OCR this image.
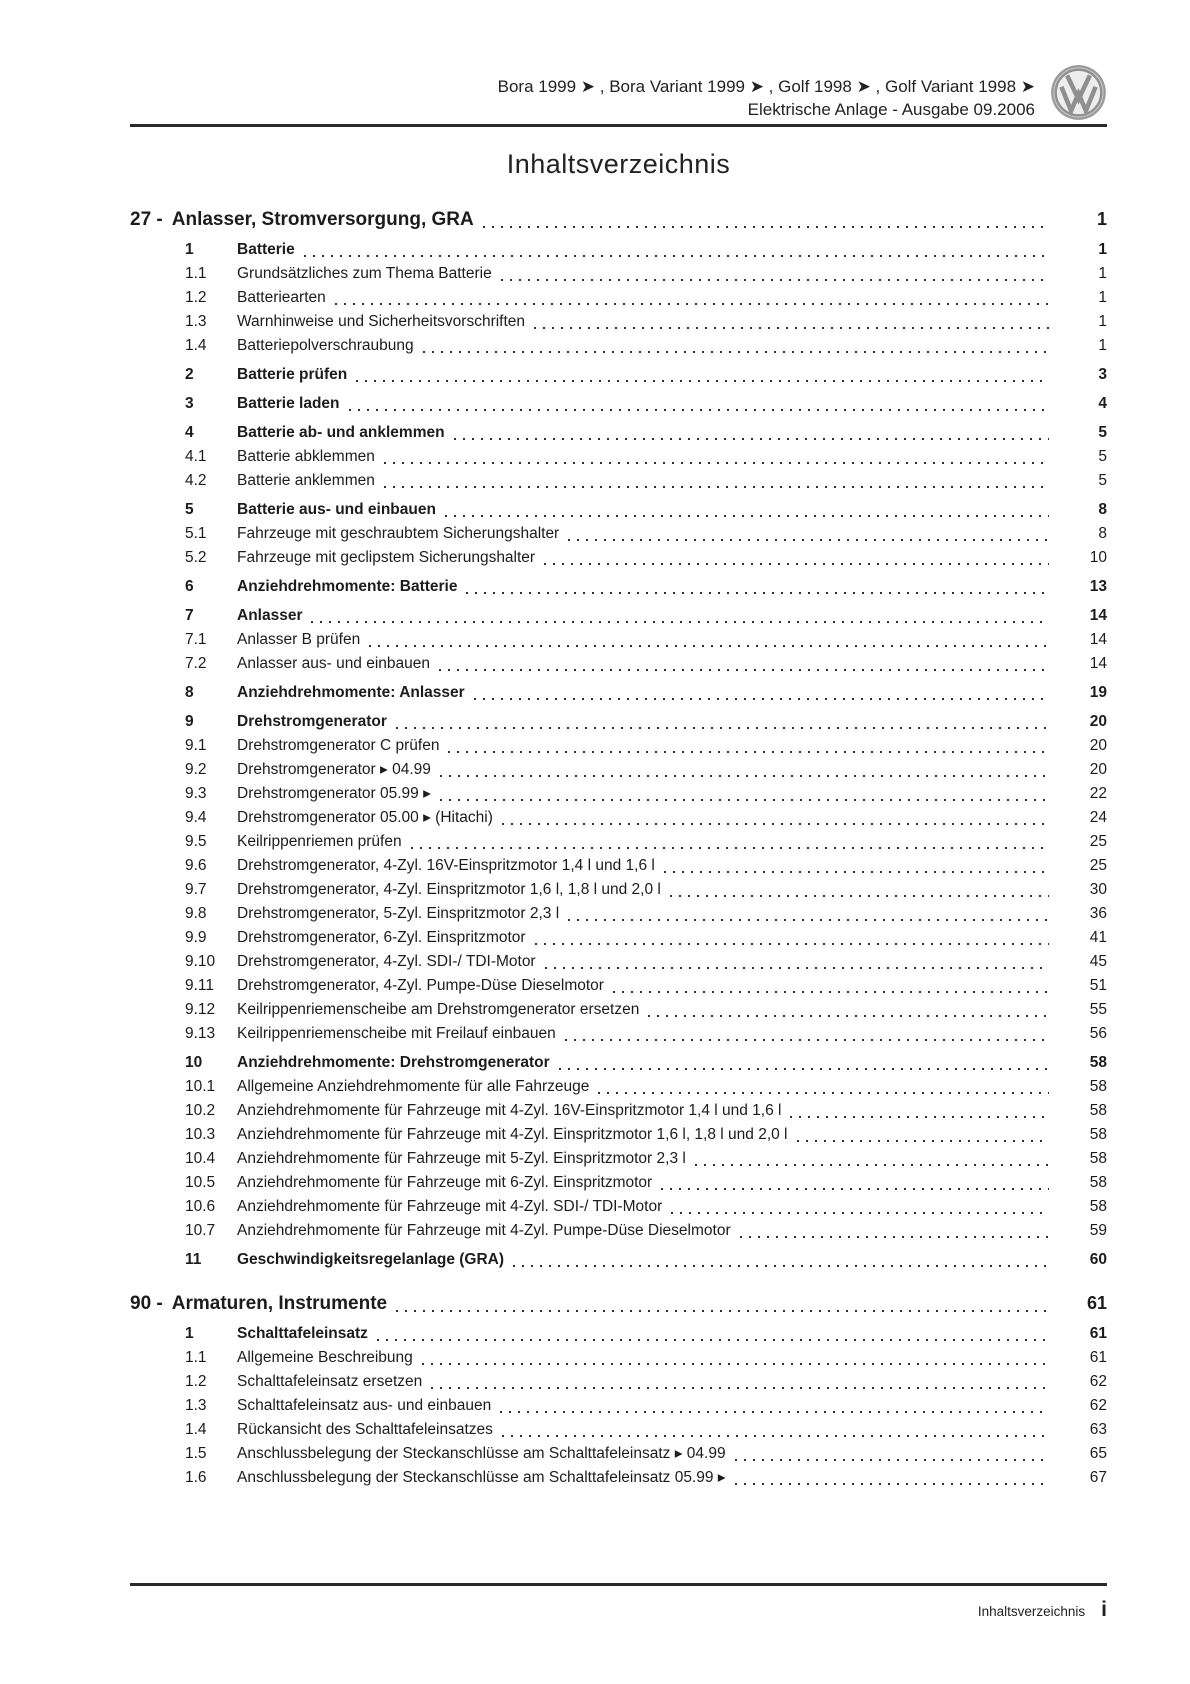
Bora 1999 ➤ , Bora Variant 1999 ➤ , Golf 1998 ➤ , Golf Variant 1998 ➤
Elektrische Anlage - Ausgabe 09.2006
Inhaltsverzeichnis
27 - Anlasser, Stromversorgung, GRA	1
1	Batterie	1
1.1	Grundsätzliches zum Thema Batterie	1
1.2	Batteriearten	1
1.3	Warnhinweise und Sicherheitsvorschriften	1
1.4	Batteriepolverschraubung	1
2	Batterie prüfen	3
3	Batterie laden	4
4	Batterie ab- und anklemmen	5
4.1	Batterie abklemmen	5
4.2	Batterie anklemmen	5
5	Batterie aus- und einbauen	8
5.1	Fahrzeuge mit geschraubtem Sicherungshalter	8
5.2	Fahrzeuge mit geclipstem Sicherungshalter	10
6	Anziehdrehmomente: Batterie	13
7	Anlasser	14
7.1	Anlasser B prüfen	14
7.2	Anlasser aus- und einbauen	14
8	Anziehdrehmomente: Anlasser	19
9	Drehstromgenerator	20
9.1	Drehstromgenerator C prüfen	20
9.2	Drehstromgenerator ▸ 04.99	20
9.3	Drehstromgenerator 05.99 ▸	22
9.4	Drehstromgenerator 05.00 ▸ (Hitachi)	24
9.5	Keilrippenriemen prüfen	25
9.6	Drehstromgenerator, 4-Zyl. 16V-Einspritzmotor 1,4 l und 1,6 l	25
9.7	Drehstromgenerator, 4-Zyl. Einspritzmotor 1,6 l, 1,8 l und 2,0 l	30
9.8	Drehstromgenerator, 5-Zyl. Einspritzmotor 2,3 l	36
9.9	Drehstromgenerator, 6-Zyl. Einspritzmotor	41
9.10	Drehstromgenerator, 4-Zyl. SDI-/ TDI-Motor	45
9.11	Drehstromgenerator, 4-Zyl. Pumpe-Düse Dieselmotor	51
9.12	Keilrippenriemenscheibe am Drehstromgenerator ersetzen	55
9.13	Keilrippenriemenscheibe mit Freilauf einbauen	56
10	Anziehdrehmomente: Drehstromgenerator	58
10.1	Allgemeine Anziehdrehmomente für alle Fahrzeuge	58
10.2	Anziehdrehmomente für Fahrzeuge mit 4-Zyl. 16V-Einspritzmotor 1,4 l und 1,6 l	58
10.3	Anziehdrehmomente für Fahrzeuge mit 4-Zyl. Einspritzmotor 1,6 l, 1,8 l und 2,0 l	58
10.4	Anziehdrehmomente für Fahrzeuge mit 5-Zyl. Einspritzmotor 2,3 l	58
10.5	Anziehdrehmomente für Fahrzeuge mit 6-Zyl. Einspritzmotor	58
10.6	Anziehdrehmomente für Fahrzeuge mit 4-Zyl. SDI-/ TDI-Motor	58
10.7	Anziehdrehmomente für Fahrzeuge mit 4-Zyl. Pumpe-Düse Dieselmotor	59
11	Geschwindigkeitsregelanlage (GRA)	60
90 - Armaturen, Instrumente	61
1	Schalttafeleinsatz	61
1.1	Allgemeine Beschreibung	61
1.2	Schalttafeleinsatz ersetzen	62
1.3	Schalttafeleinsatz aus- und einbauen	62
1.4	Rückansicht des Schalttafeleinsatzes	63
1.5	Anschlussbelegung der Steckanschlüsse am Schalttafeleinsatz ▸ 04.99	65
1.6	Anschlussbelegung der Steckanschlüsse am Schalttafeleinsatz 05.99 ▸	67
Inhaltsverzeichnis i
